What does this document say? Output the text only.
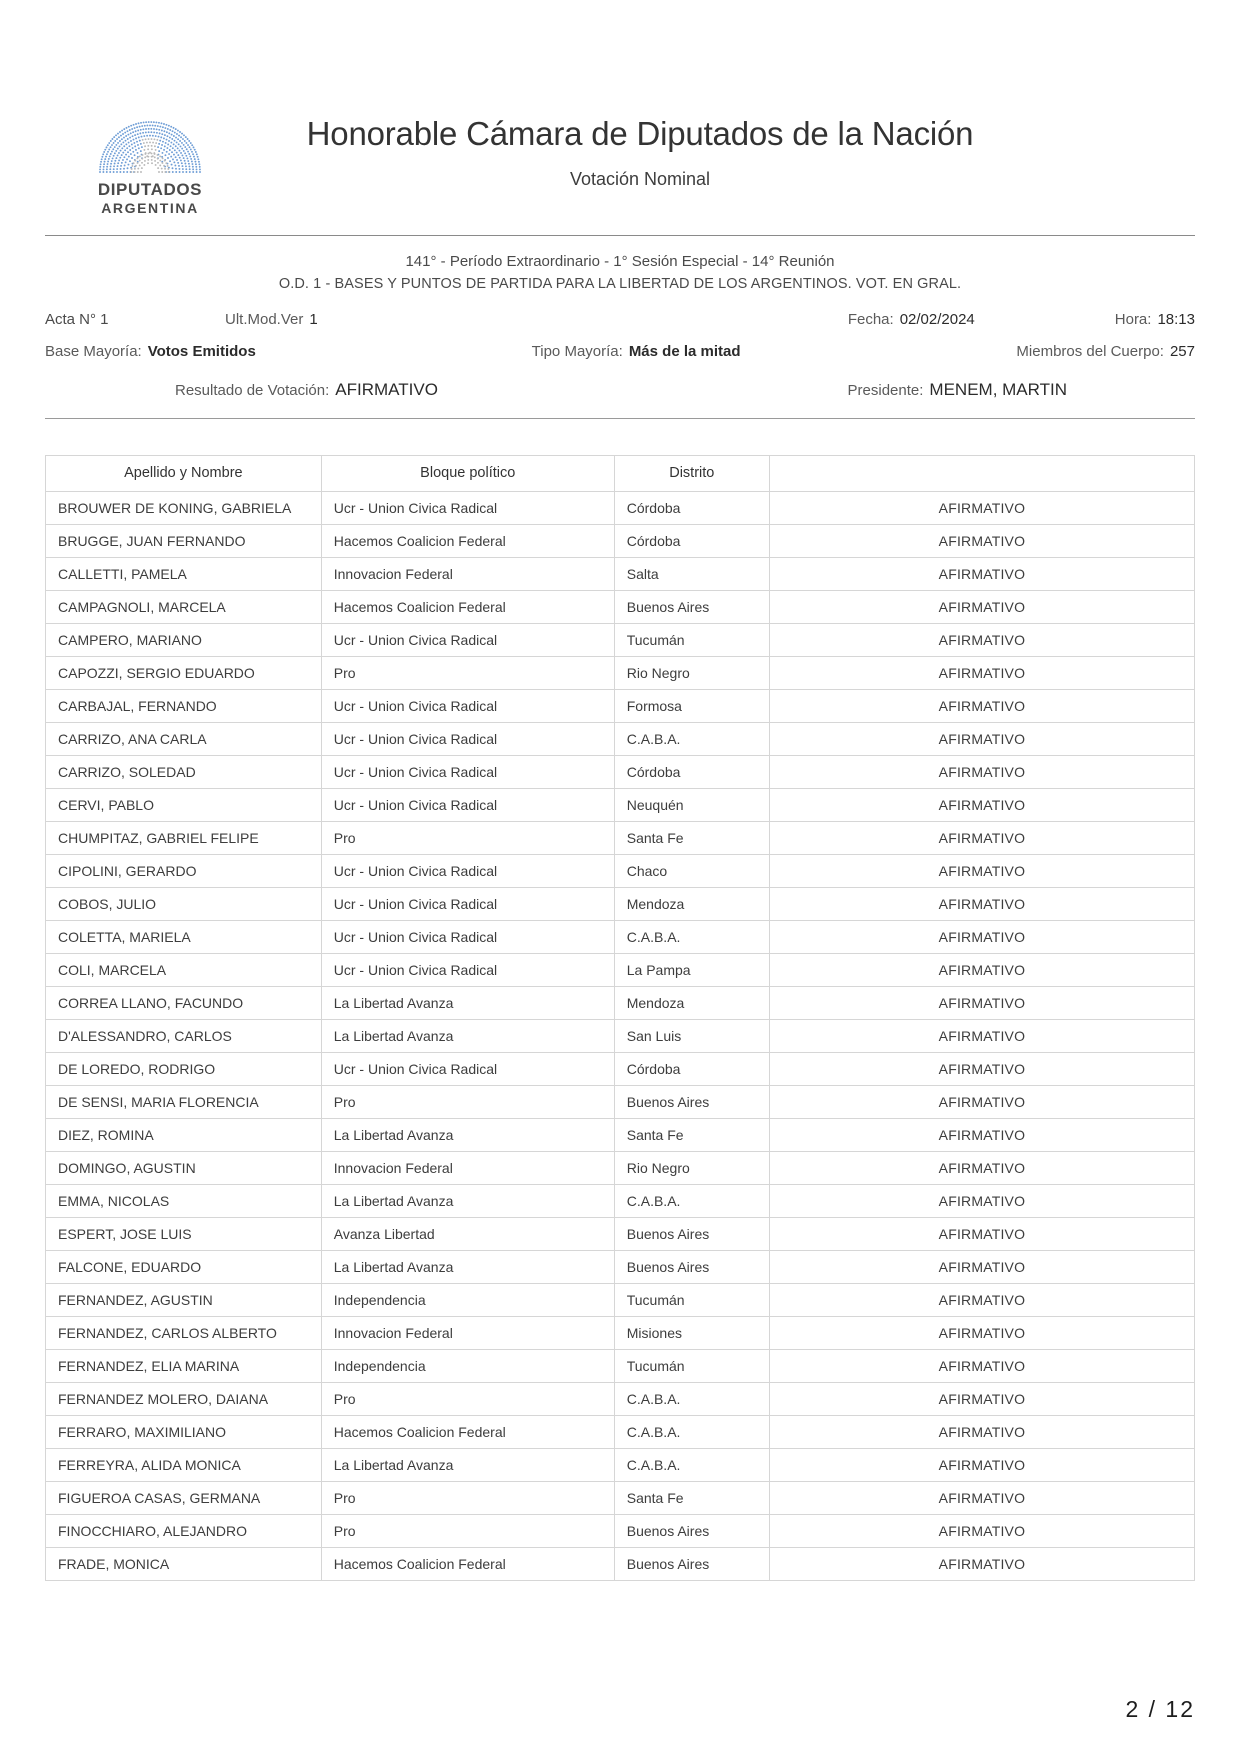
DIPUTADOS
ARGENTINA
Honorable Cámara de Diputados de la Nación
Votación Nominal
141° - Período Extraordinario - 1° Sesión Especial - 14° Reunión
O.D. 1 - BASES Y PUNTOS DE PARTIDA PARA LA LIBERTAD DE LOS ARGENTINOS. VOT. EN GRAL.
Acta N° 1	Ult.Mod.Ver 1	Fecha: 02/02/2024	Hora: 18:13
Base Mayoría: Votos Emitidos	Tipo Mayoría: Más de la mitad	Miembros del Cuerpo: 257
Resultado de Votación: AFIRMATIVO	Presidente: MENEM, MARTIN
Apellido y Nombre	Bloque político	Distrito	
BROUWER DE KONING, GABRIELA	Ucr - Union Civica Radical	Córdoba	AFIRMATIVO
BRUGGE, JUAN FERNANDO	Hacemos Coalicion Federal	Córdoba	AFIRMATIVO
CALLETTI, PAMELA	Innovacion Federal	Salta	AFIRMATIVO
CAMPAGNOLI, MARCELA	Hacemos Coalicion Federal	Buenos Aires	AFIRMATIVO
CAMPERO, MARIANO	Ucr - Union Civica Radical	Tucumán	AFIRMATIVO
CAPOZZI, SERGIO EDUARDO	Pro	Rio Negro	AFIRMATIVO
CARBAJAL, FERNANDO	Ucr - Union Civica Radical	Formosa	AFIRMATIVO
CARRIZO, ANA CARLA	Ucr - Union Civica Radical	C.A.B.A.	AFIRMATIVO
CARRIZO, SOLEDAD	Ucr - Union Civica Radical	Córdoba	AFIRMATIVO
CERVI, PABLO	Ucr - Union Civica Radical	Neuquén	AFIRMATIVO
CHUMPITAZ, GABRIEL FELIPE	Pro	Santa Fe	AFIRMATIVO
CIPOLINI, GERARDO	Ucr - Union Civica Radical	Chaco	AFIRMATIVO
COBOS, JULIO	Ucr - Union Civica Radical	Mendoza	AFIRMATIVO
COLETTA, MARIELA	Ucr - Union Civica Radical	C.A.B.A.	AFIRMATIVO
COLI, MARCELA	Ucr - Union Civica Radical	La Pampa	AFIRMATIVO
CORREA LLANO, FACUNDO	La Libertad Avanza	Mendoza	AFIRMATIVO
D'ALESSANDRO, CARLOS	La Libertad Avanza	San Luis	AFIRMATIVO
DE LOREDO, RODRIGO	Ucr - Union Civica Radical	Córdoba	AFIRMATIVO
DE SENSI, MARIA FLORENCIA	Pro	Buenos Aires	AFIRMATIVO
DIEZ, ROMINA	La Libertad Avanza	Santa Fe	AFIRMATIVO
DOMINGO, AGUSTIN	Innovacion Federal	Rio Negro	AFIRMATIVO
EMMA, NICOLAS	La Libertad Avanza	C.A.B.A.	AFIRMATIVO
ESPERT, JOSE LUIS	Avanza Libertad	Buenos Aires	AFIRMATIVO
FALCONE, EDUARDO	La Libertad Avanza	Buenos Aires	AFIRMATIVO
FERNANDEZ, AGUSTIN	Independencia	Tucumán	AFIRMATIVO
FERNANDEZ, CARLOS ALBERTO	Innovacion Federal	Misiones	AFIRMATIVO
FERNANDEZ, ELIA MARINA	Independencia	Tucumán	AFIRMATIVO
FERNANDEZ MOLERO, DAIANA	Pro	C.A.B.A.	AFIRMATIVO
FERRARO, MAXIMILIANO	Hacemos Coalicion Federal	C.A.B.A.	AFIRMATIVO
FERREYRA, ALIDA MONICA	La Libertad Avanza	C.A.B.A.	AFIRMATIVO
FIGUEROA CASAS, GERMANA	Pro	Santa Fe	AFIRMATIVO
FINOCCHIARO, ALEJANDRO	Pro	Buenos Aires	AFIRMATIVO
FRADE, MONICA	Hacemos Coalicion Federal	Buenos Aires	AFIRMATIVO
2 / 12
